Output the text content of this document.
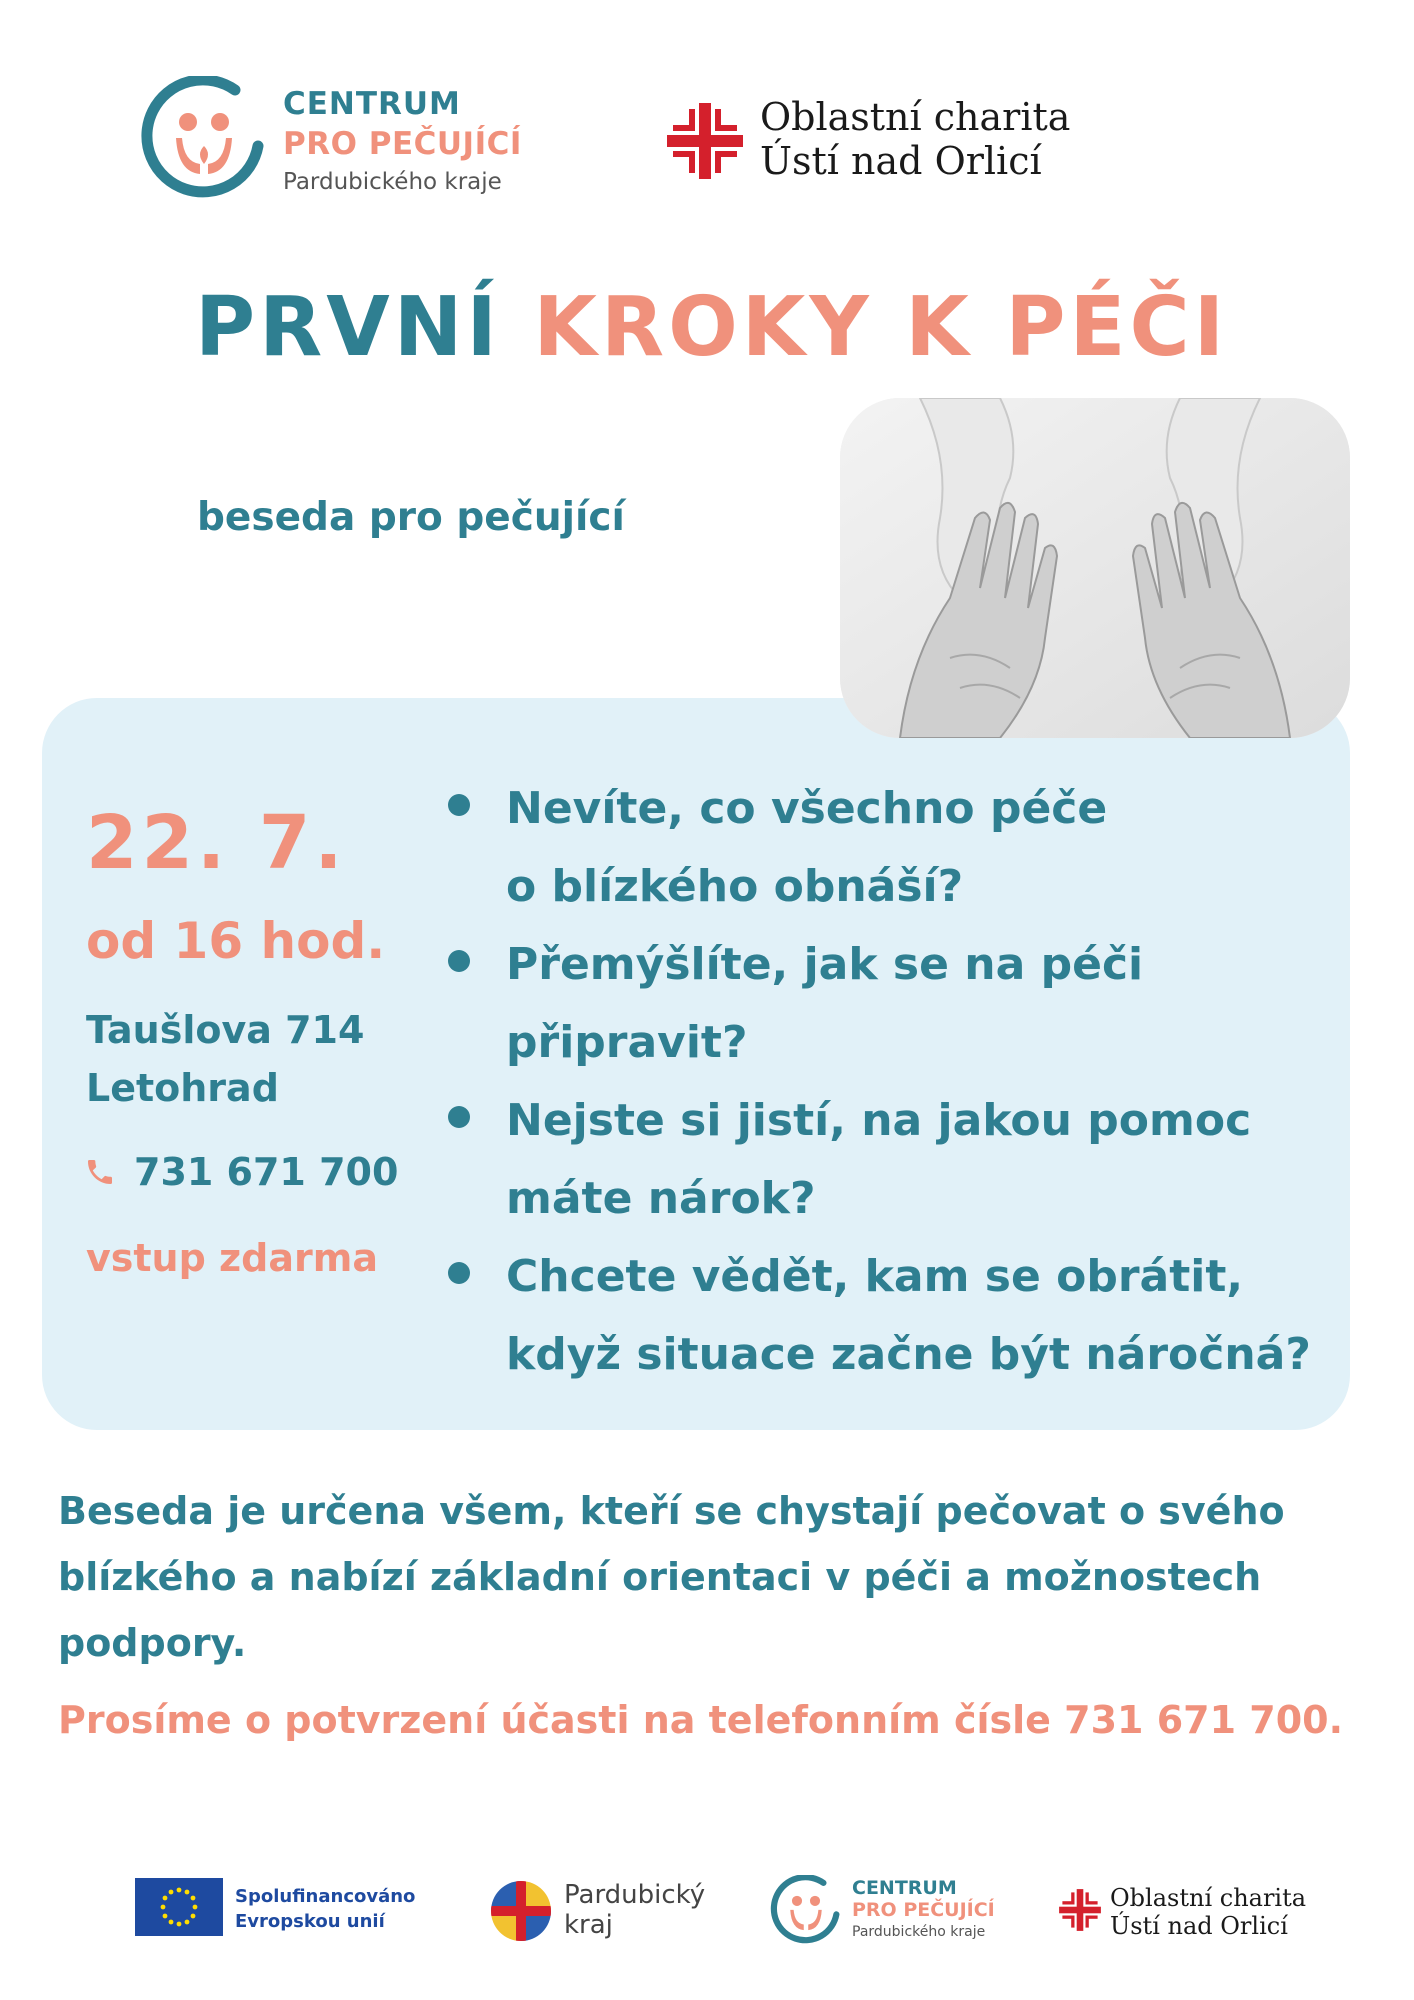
CENTRUM
PRO PEČUJÍCÍ
Pardubického kraje
Oblastní charita
Ústí nad Orlicí
PRVNÍ KROKY K PÉČI
beseda pro pečující
22. 7.
od 16 hod.
Taušlova 714
Letohrad
731 671 700
vstup zdarma
Nevíte, co všechno péče
o blízkého obnáší?
Přemýšlíte, jak se na péči
připravit?
Nejste si jistí, na jakou pomoc
máte nárok?
Chcete vědět, kam se obrátit,
když situace začne být náročná?
Beseda je určena všem, kteří se chystají pečovat o svého blízkého a nabízí základní orientaci v péči a možnostech podpory.
Prosíme o potvrzení účasti na telefonním čísle 731 671 700.
Spolufinancováno
Evropskou unií
Pardubický
kraj
CENTRUM
PRO PEČUJÍCÍ
Pardubického kraje
Oblastní charita
Ústí nad Orlicí
